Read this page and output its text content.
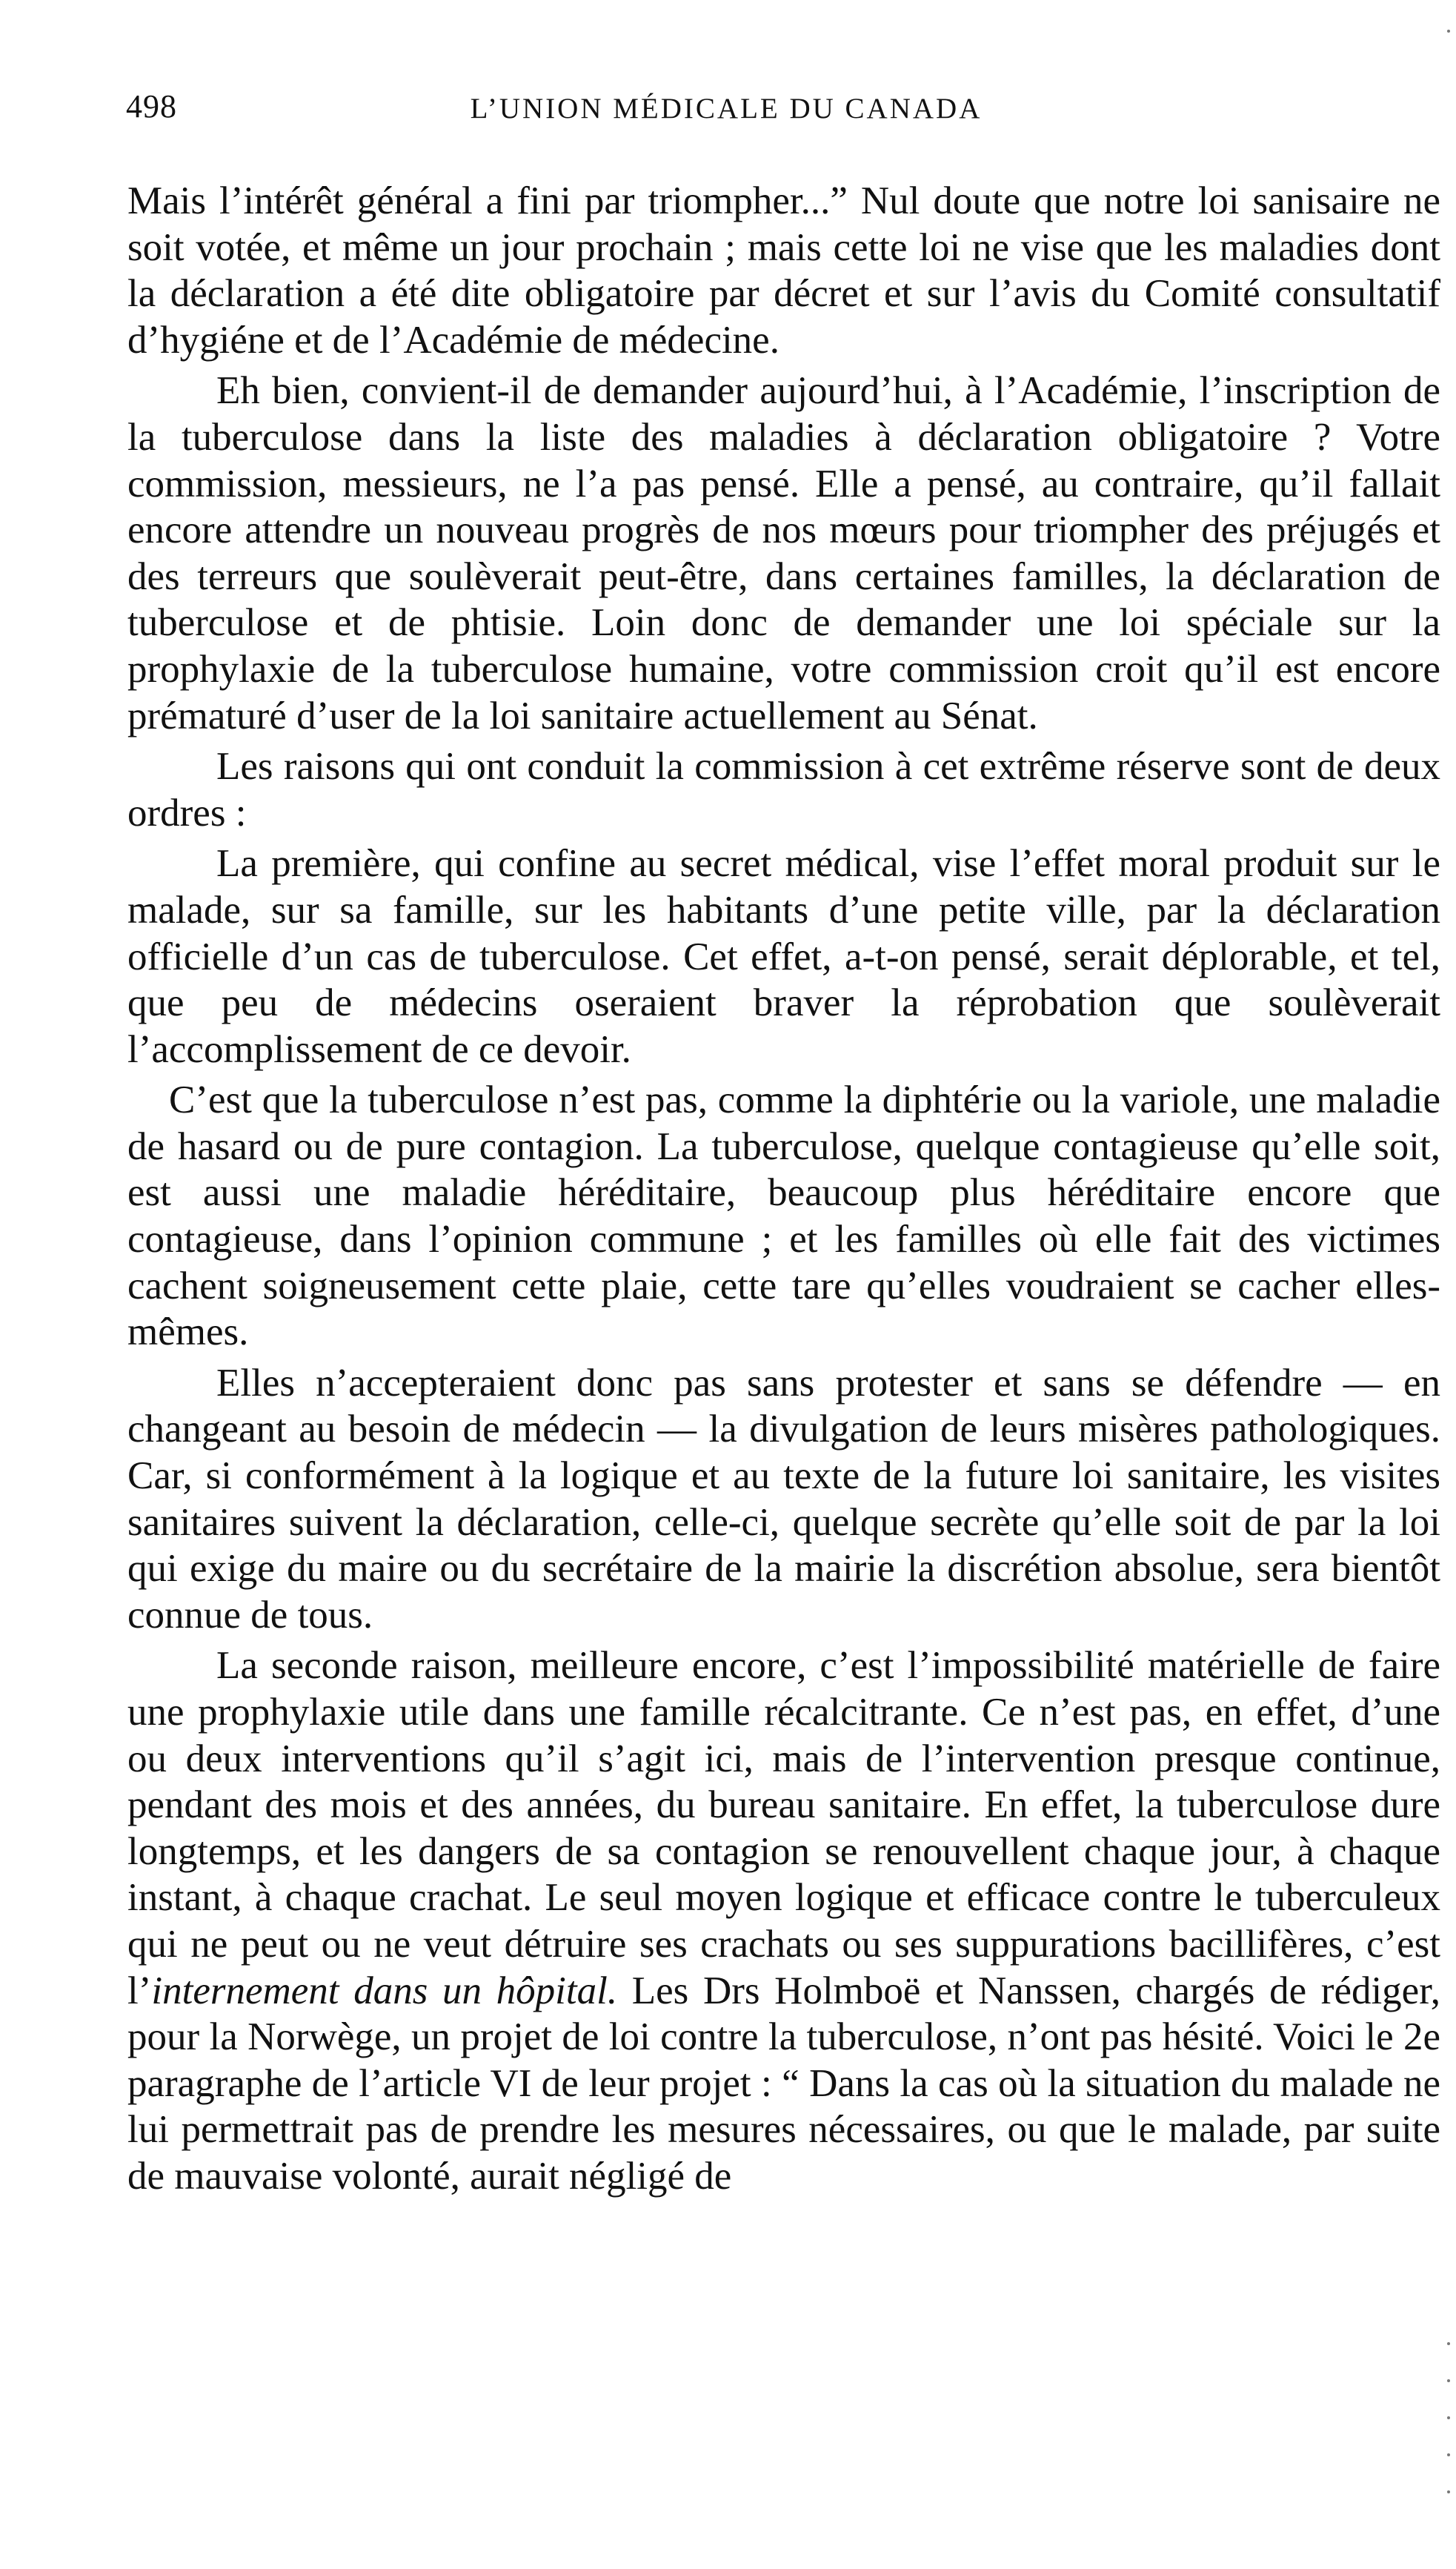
498	L’UNION MÉDICALE DU CANADA

Mais l’intérêt général a fini par triompher...” Nul doute que notre loi sanisaire ne soit votée, et même un jour prochain ; mais cette loi ne vise que les maladies dont la déclaration a été dite obligatoire par décret et sur l’avis du Comité consultatif d’hygiéne et de l’Académie de médecine.

Eh bien, convient-il de demander aujourd’hui, à l’Académie, l’inscription de la tuberculose dans la liste des maladies à déclaration obligatoire ? Votre commission, messieurs, ne l’a pas pensé. Elle a pensé, au contraire, qu’il fallait encore attendre un nouveau progrès de nos mœurs pour triompher des préjugés et des terreurs que soulèverait peut-être, dans certaines familles, la déclaration de tuberculose et de phtisie. Loin donc de demander une loi spéciale sur la prophylaxie de la tuberculose humaine, votre commission croit qu’il est encore prématuré d’user de la loi sanitaire actuellement au Sénat.

Les raisons qui ont conduit la commission à cet extrême réserve sont de deux ordres :

La première, qui confine au secret médical, vise l’effet moral produit sur le malade, sur sa famille, sur les habitants d’une petite ville, par la déclaration officielle d’un cas de tuberculose. Cet effet, a-t-on pensé, serait déplorable, et tel, que peu de médecins oseraient braver la réprobation que soulèverait l’accomplissement de ce devoir.

C’est que la tuberculose n’est pas, comme la diphtérie ou la variole, une maladie de hasard ou de pure contagion. La tuberculose, quelque contagieuse qu’elle soit, est aussi une maladie héréditaire, beaucoup plus héréditaire encore que contagieuse, dans l’opinion commune ; et les familles où elle fait des victimes cachent soigneusement cette plaie, cette tare qu’elles voudraient se cacher elles-mêmes.

Elles n’accepteraient donc pas sans protester et sans se défendre — en changeant au besoin de médecin — la divulgation de leurs misères pathologiques. Car, si conformément à la logique et au texte de la future loi sanitaire, les visites sanitaires suivent la déclaration, celle-ci, quelque secrète qu’elle soit de par la loi qui exige du maire ou du secrétaire de la mairie la discrétion absolue, sera bientôt connue de tous.

La seconde raison, meilleure encore, c’est l’impossibilité matérielle de faire une prophylaxie utile dans une famille récalcitrante. Ce n’est pas, en effet, d’une ou deux interventions qu’il s’agit ici, mais de l’intervention presque continue, pendant des mois et des années, du bureau sanitaire. En effet, la tuberculose dure longtemps, et les dangers de sa contagion se renouvellent chaque jour, à chaque instant, à chaque crachat. Le seul moyen logique et efficace contre le tuberculeux qui ne peut ou ne veut détruire ses crachats ou ses suppurations bacillifères, c’est l’internement dans un hôpital. Les Drs Holmboë et Nanssen, chargés de rédiger, pour la Norwège, un projet de loi contre la tuberculose, n’ont pas hésité. Voici le 2e paragraphe de l’article VI de leur projet : “ Dans la cas où la situation du malade ne lui permettrait pas de prendre les mesures nécessaires, ou que le malade, par suite de mauvaise volonté, aurait négligé de
